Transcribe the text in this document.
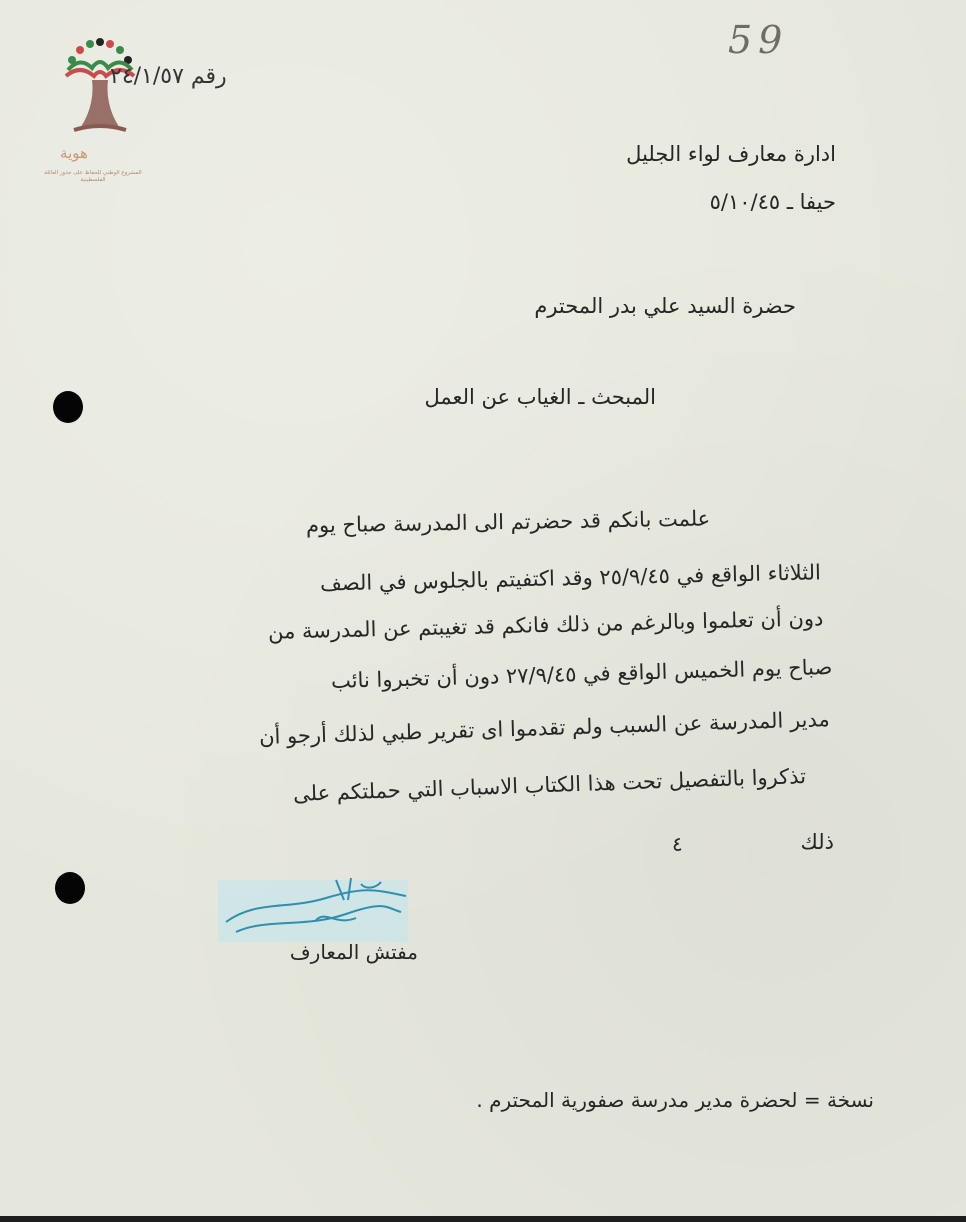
هوية
المشروع الوطني للحفاظ على جذور العائلة الفلسطينية
59
رقم ٢٤/١/٥٧
ادارة معارف لواء الجليل
حيفا ـ ٥/١٠/٤٥
حضرة السيد علي بدر المحترم
المبحث ـ الغياب عن العمل
علمت بانكم قد حضرتم الى المدرسة صباح يوم
الثلاثاء الواقع في ٢٥/٩/٤٥ وقد اكتفيتم بالجلوس في الصف
دون أن تعلموا وبالرغم من ذلك فانكم قد تغيبتم عن المدرسة من
صباح يوم الخميس الواقع في ٢٧/٩/٤٥ دون أن تخبروا نائب
مدير المدرسة عن السبب ولم تقدموا اى تقرير طبي لذلك أرجو أن
تذكروا بالتفصيل تحت هذا الكتاب الاسباب التي حملتكم على
ذلك
٤
مفتش المعارف
نسخة = لحضرة مدير مدرسة صفورية المحترم .
